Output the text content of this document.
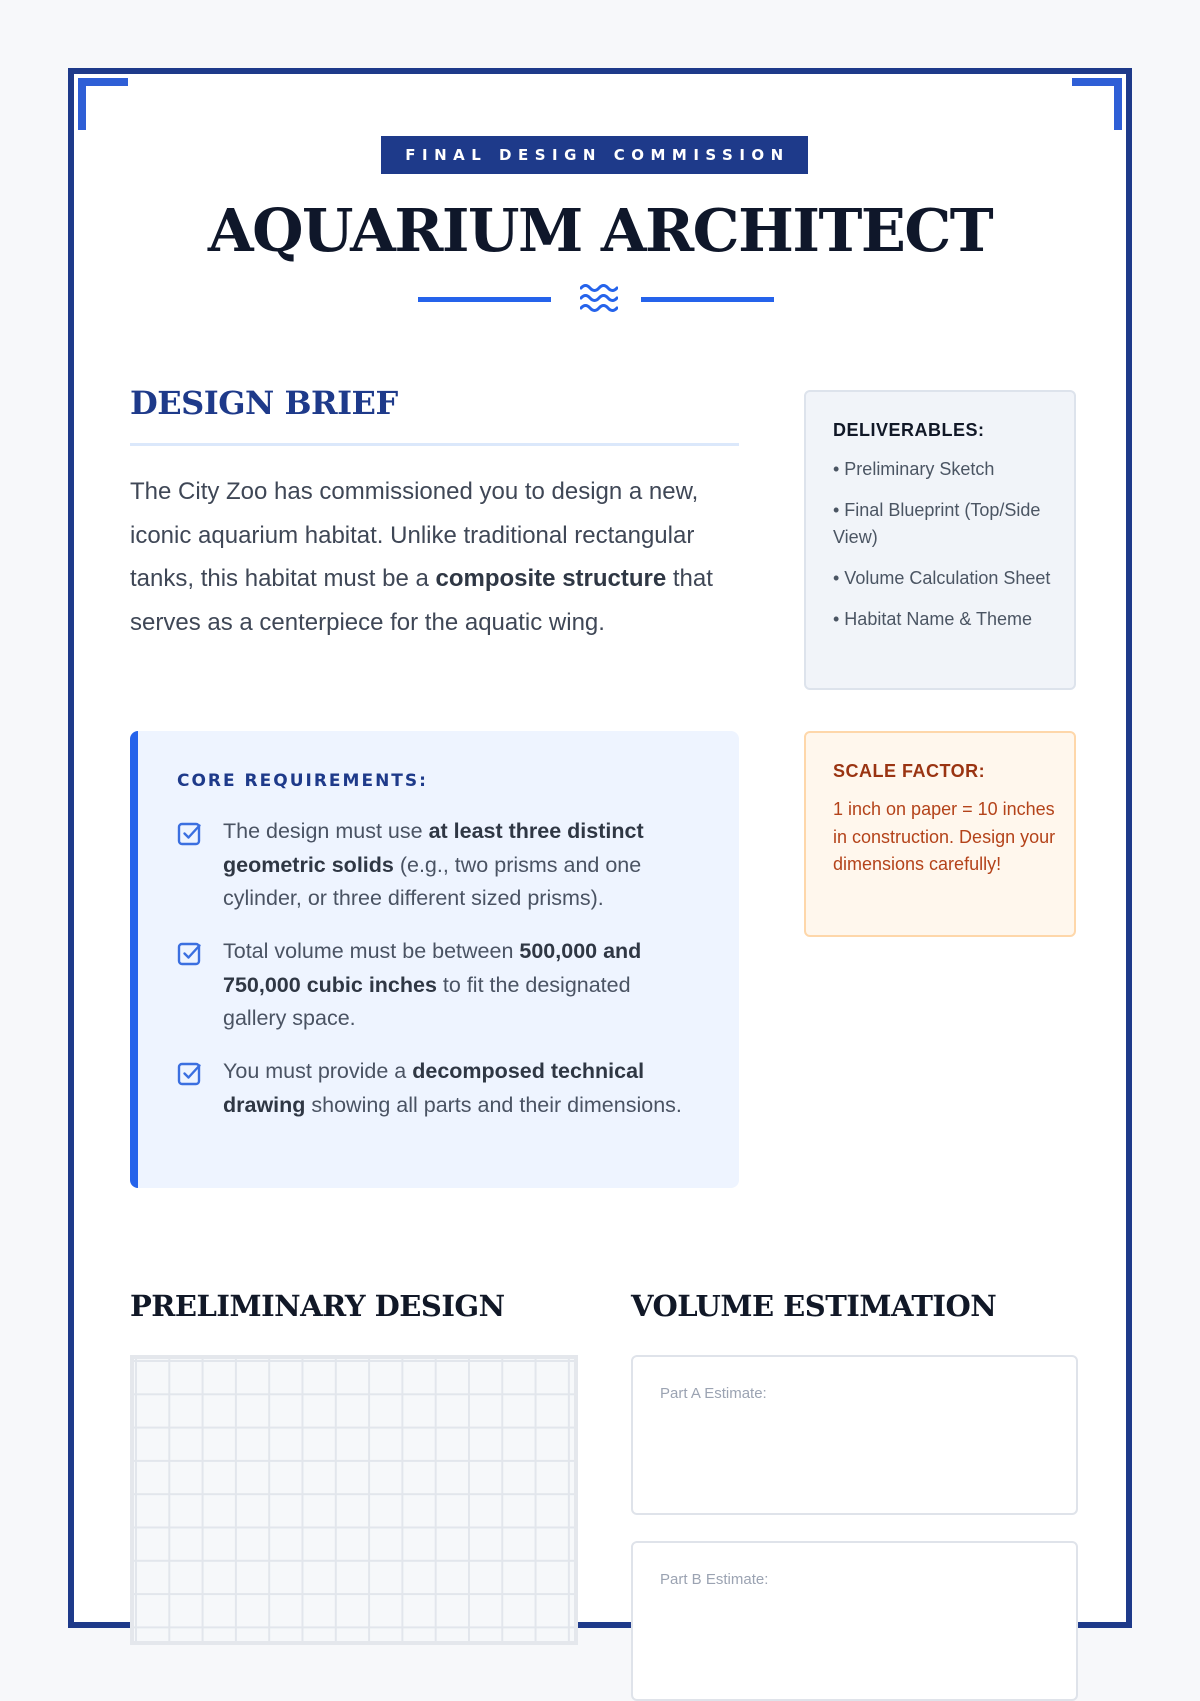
FINAL DESIGN COMMISSION
AQUARIUM ARCHITECT
DESIGN BRIEF
The City Zoo has commissioned you to design a new, iconic aquarium habitat. Unlike traditional rectangular tanks, this habitat must be a composite structure that serves as a centerpiece for the aquatic wing.
CORE REQUIREMENTS:
The design must use at least three distinct geometric solids (e.g., two prisms and one cylinder, or three different sized prisms).
Total volume must be between 500,000 and 750,000 cubic inches to fit the designated gallery space.
You must provide a decomposed technical drawing showing all parts and their dimensions.
DELIVERABLES:
• Preliminary Sketch
• Final Blueprint (Top/Side View)
• Volume Calculation Sheet
• Habitat Name & Theme
SCALE FACTOR:
1 inch on paper = 10 inches in construction. Design your dimensions carefully!
PRELIMINARY DESIGN	VOLUME ESTIMATION
Part A Estimate:
Part B Estimate:
